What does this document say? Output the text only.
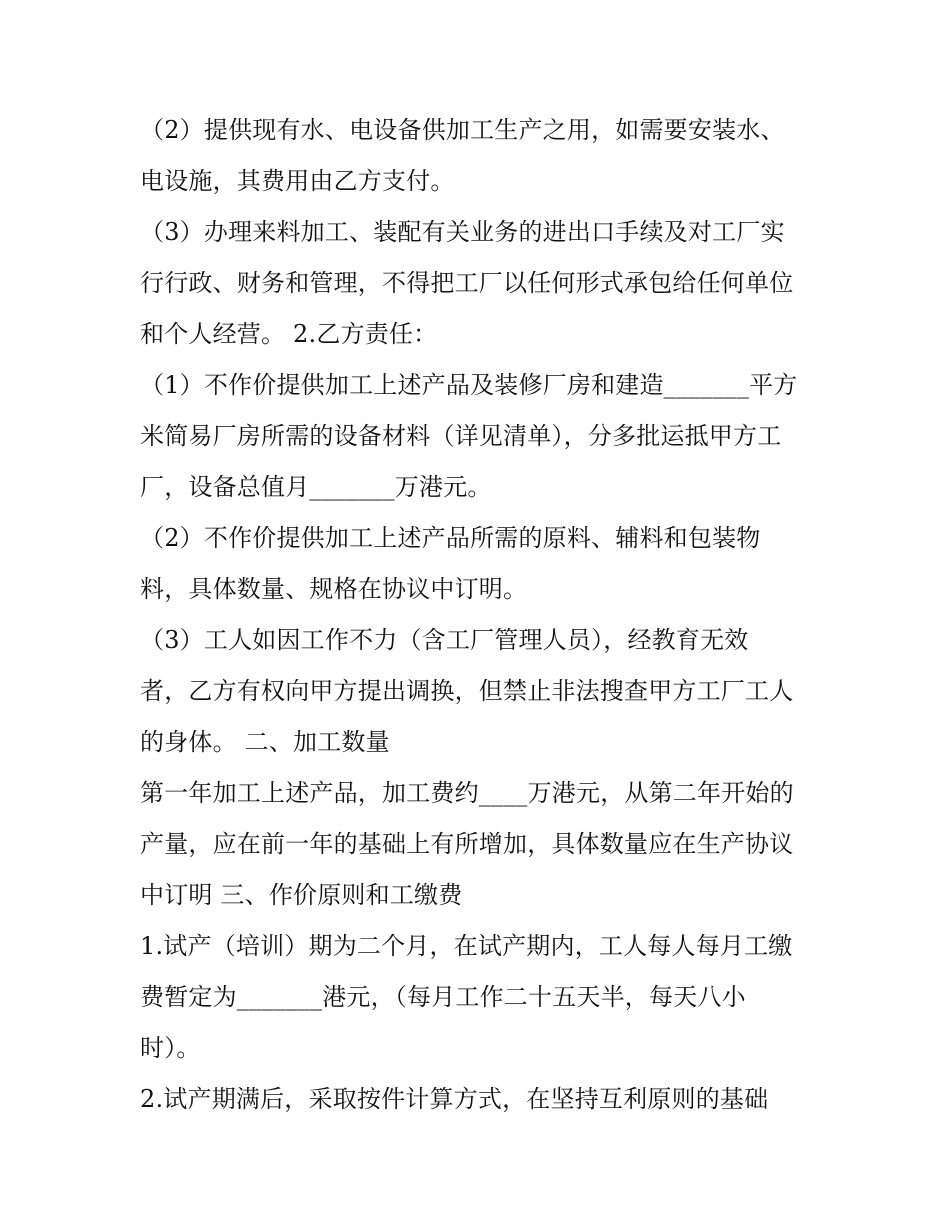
（2）提供现有水、电设备供加工生产之用，如需要安装水、
电设施，其费用由乙方支付。
（3）办理来料加工、装配有关业务的进出口手续及对工厂实
行行政、财务和管理，不得把工厂以任何形式承包给任何单位
和个人经营。 2.乙方责任：
（1）不作价提供加工上述产品及装修厂房和建造_______平方
米简易厂房所需的设备材料（详见清单），分多批运抵甲方工
厂，设备总值月_______万港元。
（2）不作价提供加工上述产品所需的原料、辅料和包装物
料，具体数量、规格在协议中订明。
（3）工人如因工作不力（含工厂管理人员），经教育无效
者，乙方有权向甲方提出调换，但禁止非法搜查甲方工厂工人
的身体。 二、加工数量
第一年加工上述产品，加工费约____万港元，从第二年开始的
产量，应在前一年的基础上有所增加，具体数量应在生产协议
中订明 三、作价原则和工缴费
1.试产（培训）期为二个月，在试产期内，工人每人每月工缴
费暂定为_______港元，（每月工作二十五天半，每天八小
时）。
2.试产期满后，采取按件计算方式，在坚持互利原则的基础
